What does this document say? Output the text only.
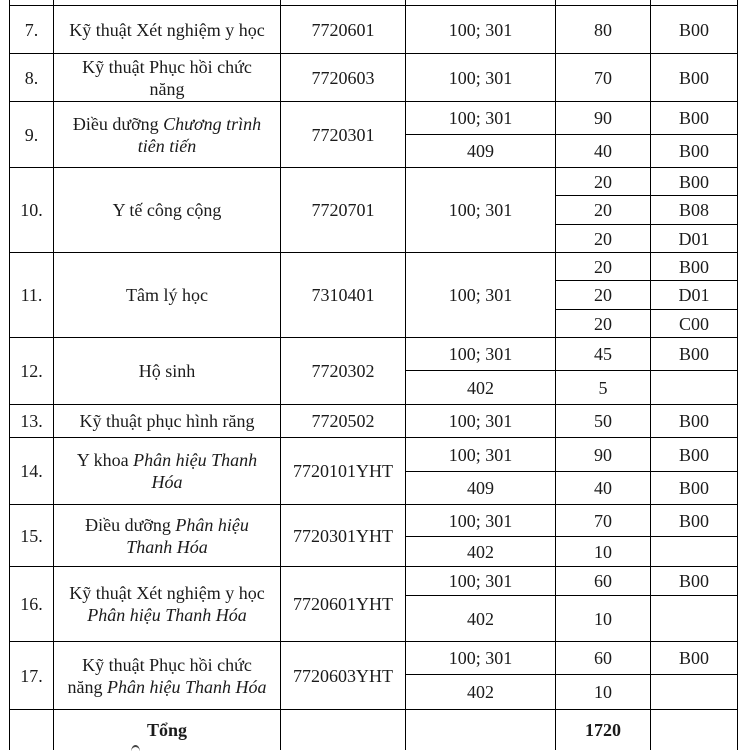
7.	Kỹ thuật Xét nghiệm y học	7720601	100; 301	80	B00
8.	Kỹ thuật Phục hồi chức năng	7720603	100; 301	70	B00
9.	Điều dưỡng Chương trình tiên tiến	7720301	100; 301	90	B00
			409	40	B00
10.	Y tế công cộng	7720701	100; 301	20	B00
				20	B08
				20	D01
11.	Tâm lý học	7310401	100; 301	20	B00
				20	D01
				20	C00
12.	Hộ sinh	7720302	100; 301	45	B00
			402	5	
13.	Kỹ thuật phục hình răng	7720502	100; 301	50	B00
14.	Y khoa Phân hiệu Thanh Hóa	7720101YHT	100; 301	90	B00
			409	40	B00
15.	Điều dưỡng Phân hiệu Thanh Hóa	7720301YHT	100; 301	70	B00
			402	10	
16.	Kỹ thuật Xét nghiệm y học Phân hiệu Thanh Hóa	7720601YHT	100; 301	60	B00
			402	10	
17.	Kỹ thuật Phục hồi chức năng Phân hiệu Thanh Hóa	7720603YHT	100; 301	60	B00
			402	10	
	Tổng			1720	
